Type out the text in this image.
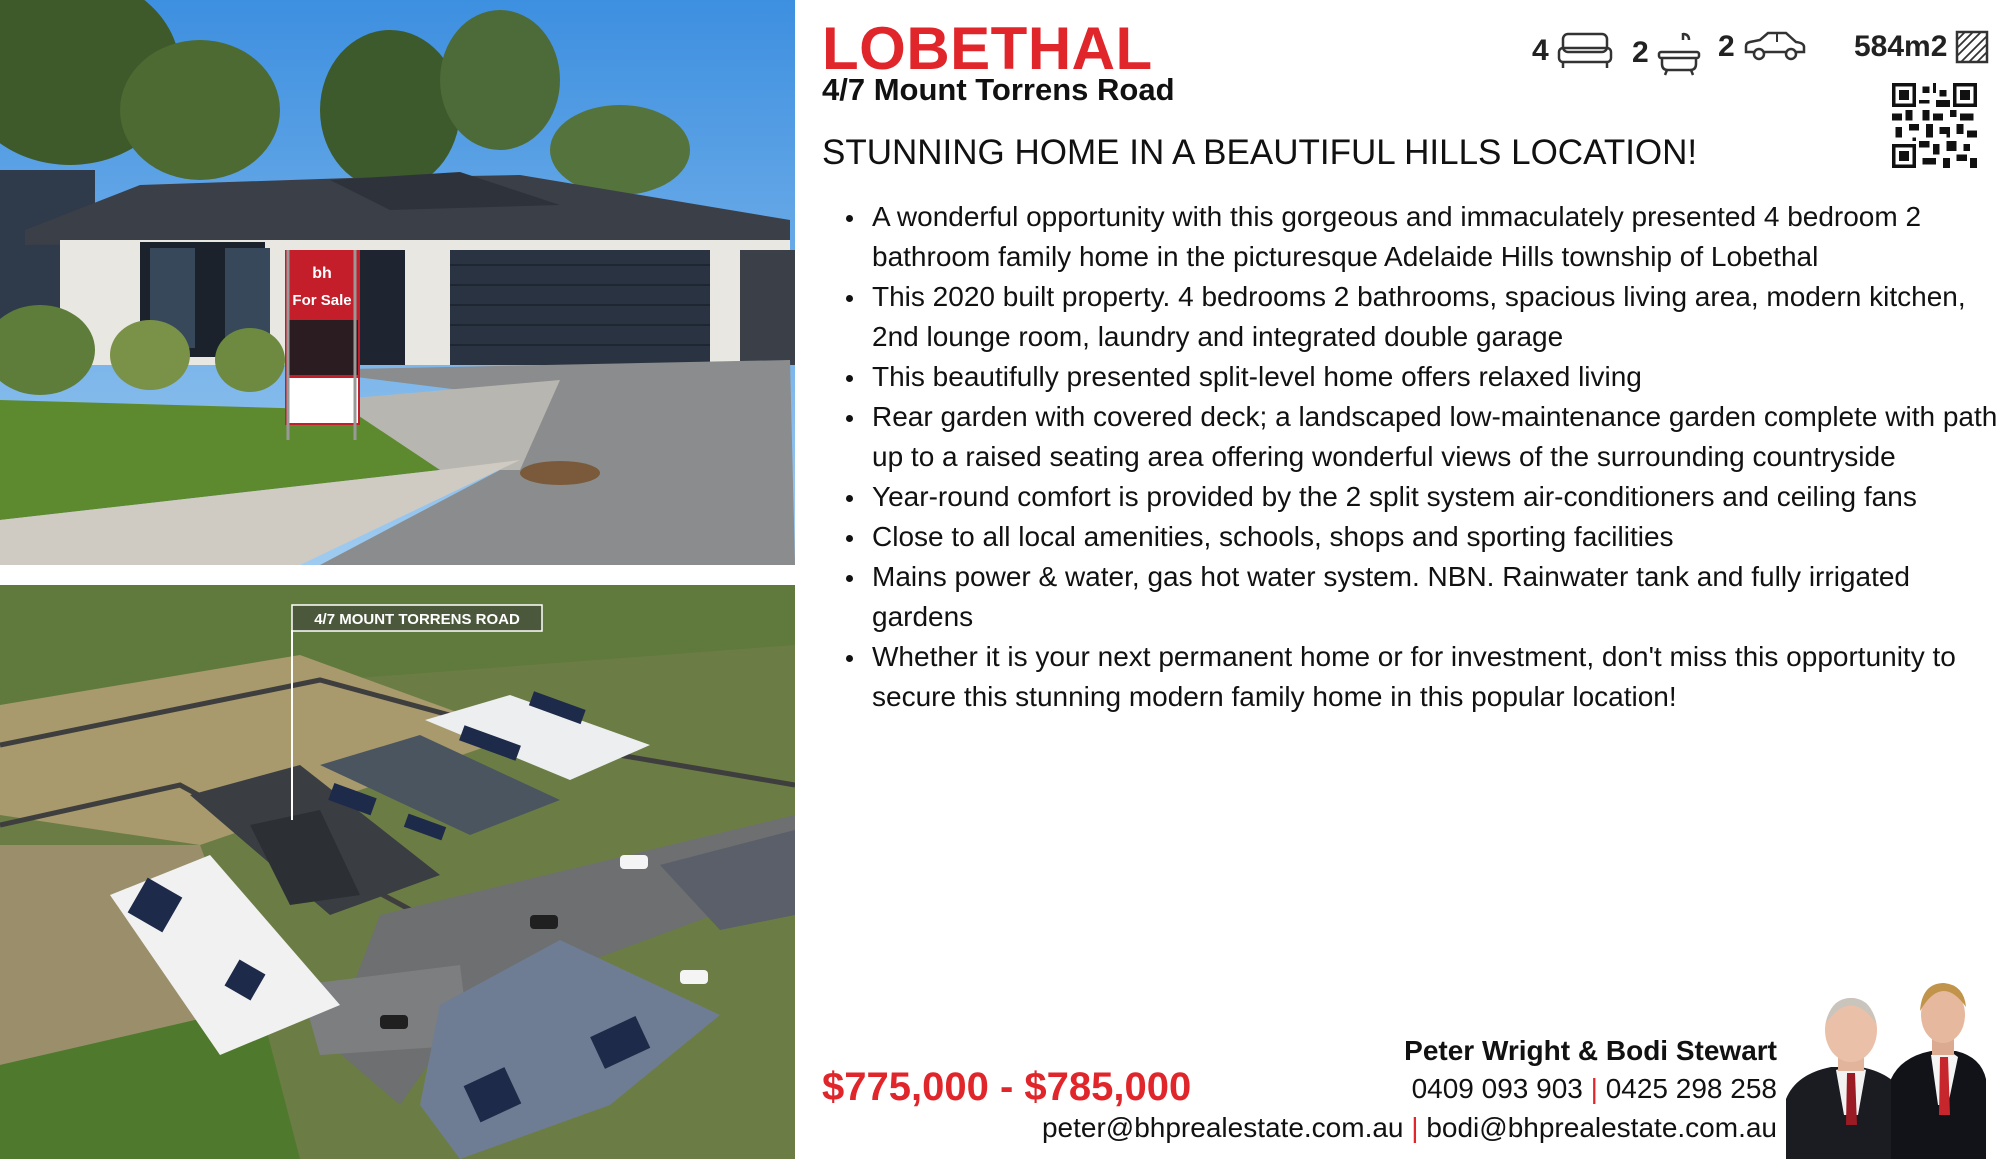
bh
For Sale
4/7 MOUNT TORRENS ROAD
LOBETHAL
4/7 Mount Torrens Road
STUNNING HOME IN A BEAUTIFUL HILLS LOCATION!
4	2 2	584m2
A wonderful opportunity with this gorgeous and immaculately presented 4 bedroom 2 bathroom family home in the picturesque Adelaide Hills township of Lobethal
This 2020 built property. 4 bedrooms 2 bathrooms, spacious living area, modern kitchen, 2nd lounge room, laundry and integrated double garage
This beautifully presented split-level home offers relaxed living
Rear garden with covered deck; a landscaped low-maintenance garden complete with path up to a raised seating area offering wonderful views of the surrounding countryside
Year-round comfort is provided by the 2 split system air-conditioners and ceiling fans
Close to all local amenities, schools, shops and sporting facilities
Mains power & water, gas hot water system. NBN. Rainwater tank and fully irrigated gardens
Whether it is your next permanent home or for investment, don't miss this opportunity to secure this stunning modern family home in this popular location!
$775,000 - $785,000
Peter Wright & Bodi Stewart
0409 093 903 | 0425 298 258
peter@bhprealestate.com.au | bodi@bhprealestate.com.au
